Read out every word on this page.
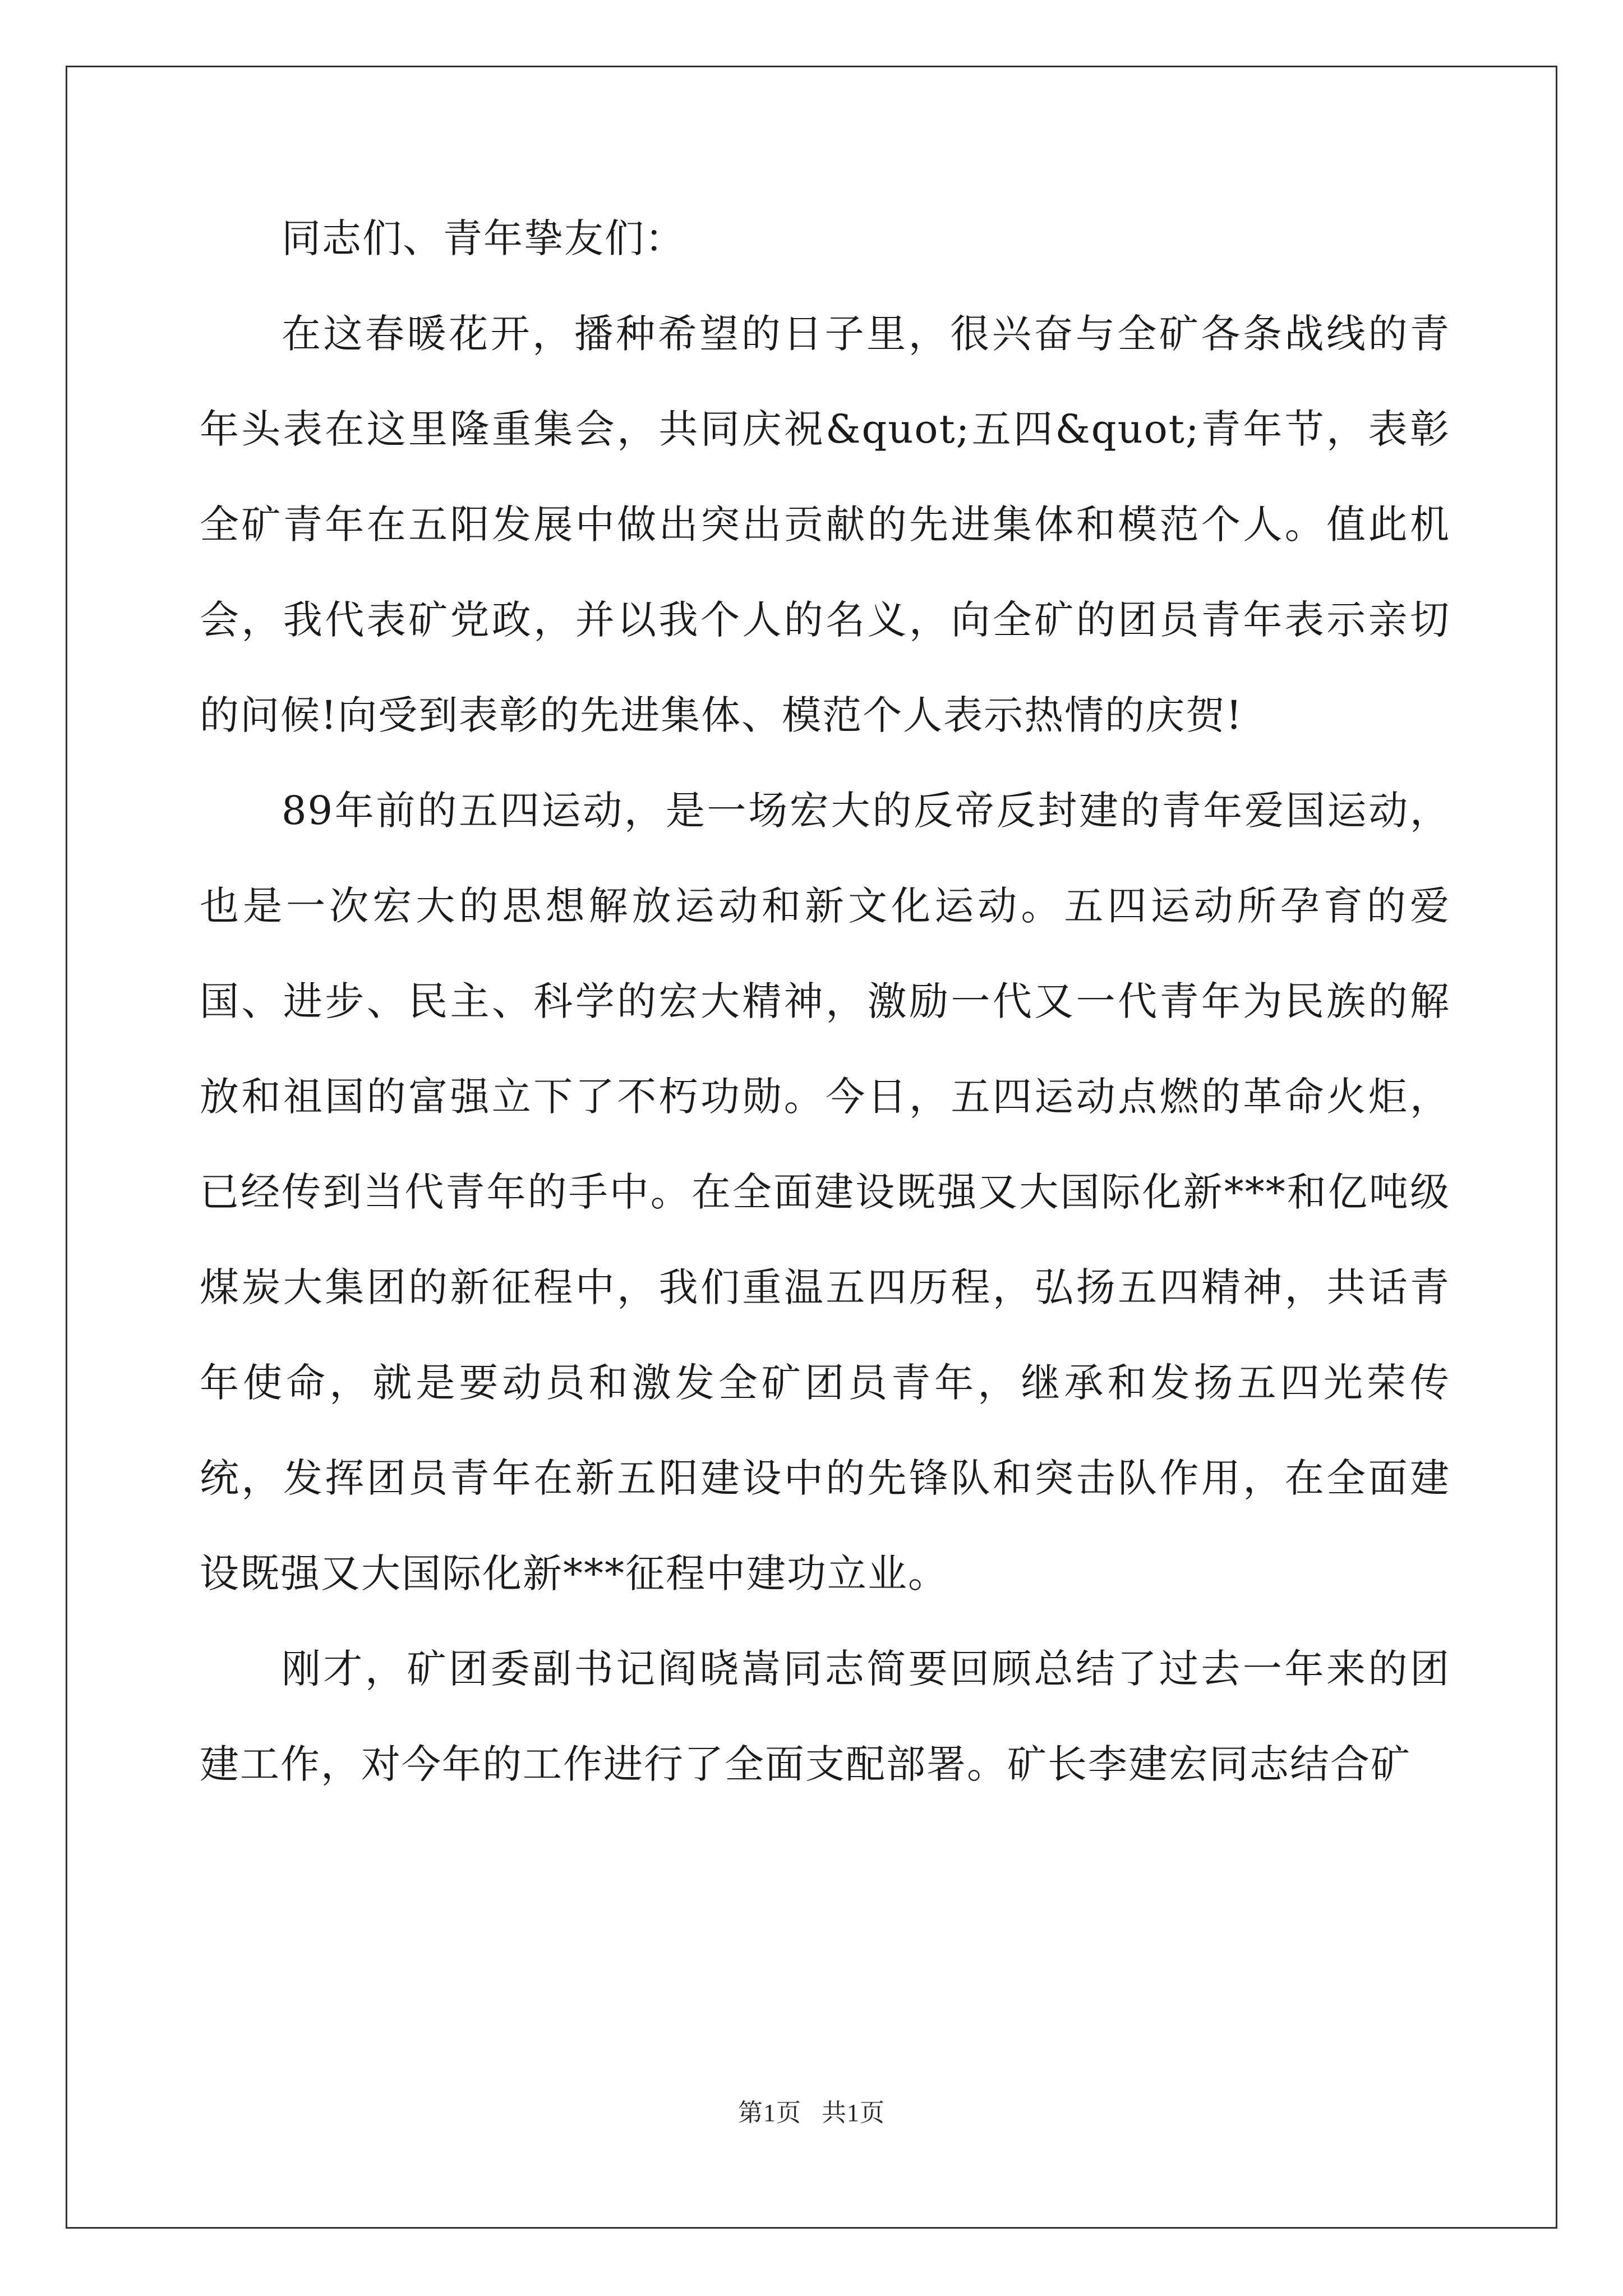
同志们、青年挚友们：

在这春暖花开，播种希望的日子里，很兴奋与全矿各条战线的青年头表在这里隆重集会，共同庆祝&quot;五四&quot;青年节，表彰全矿青年在五阳发展中做出突出贡献的先进集体和模范个人。值此机会，我代表矿党政，并以我个人的名义，向全矿的团员青年表示亲切的问候!向受到表彰的先进集体、模范个人表示热情的庆贺!

89年前的五四运动，是一场宏大的反帝反封建的青年爱国运动，也是一次宏大的思想解放运动和新文化运动。五四运动所孕育的爱国、进步、民主、科学的宏大精神，激励一代又一代青年为民族的解放和祖国的富强立下了不朽功勋。今日，五四运动点燃的革命火炬，已经传到当代青年的手中。在全面建设既强又大国际化新***和亿吨级煤炭大集团的新征程中，我们重温五四历程，弘扬五四精神，共话青年使命，就是要动员和激发全矿团员青年，继承和发扬五四光荣传统，发挥团员青年在新五阳建设中的先锋队和突击队作用，在全面建设既强又大国际化新***征程中建功立业。

刚才，矿团委副书记阎晓嵩同志简要回顾总结了过去一年来的团建工作，对今年的工作进行了全面支配部署。矿长李建宏同志结合矿

第1页 共1页
